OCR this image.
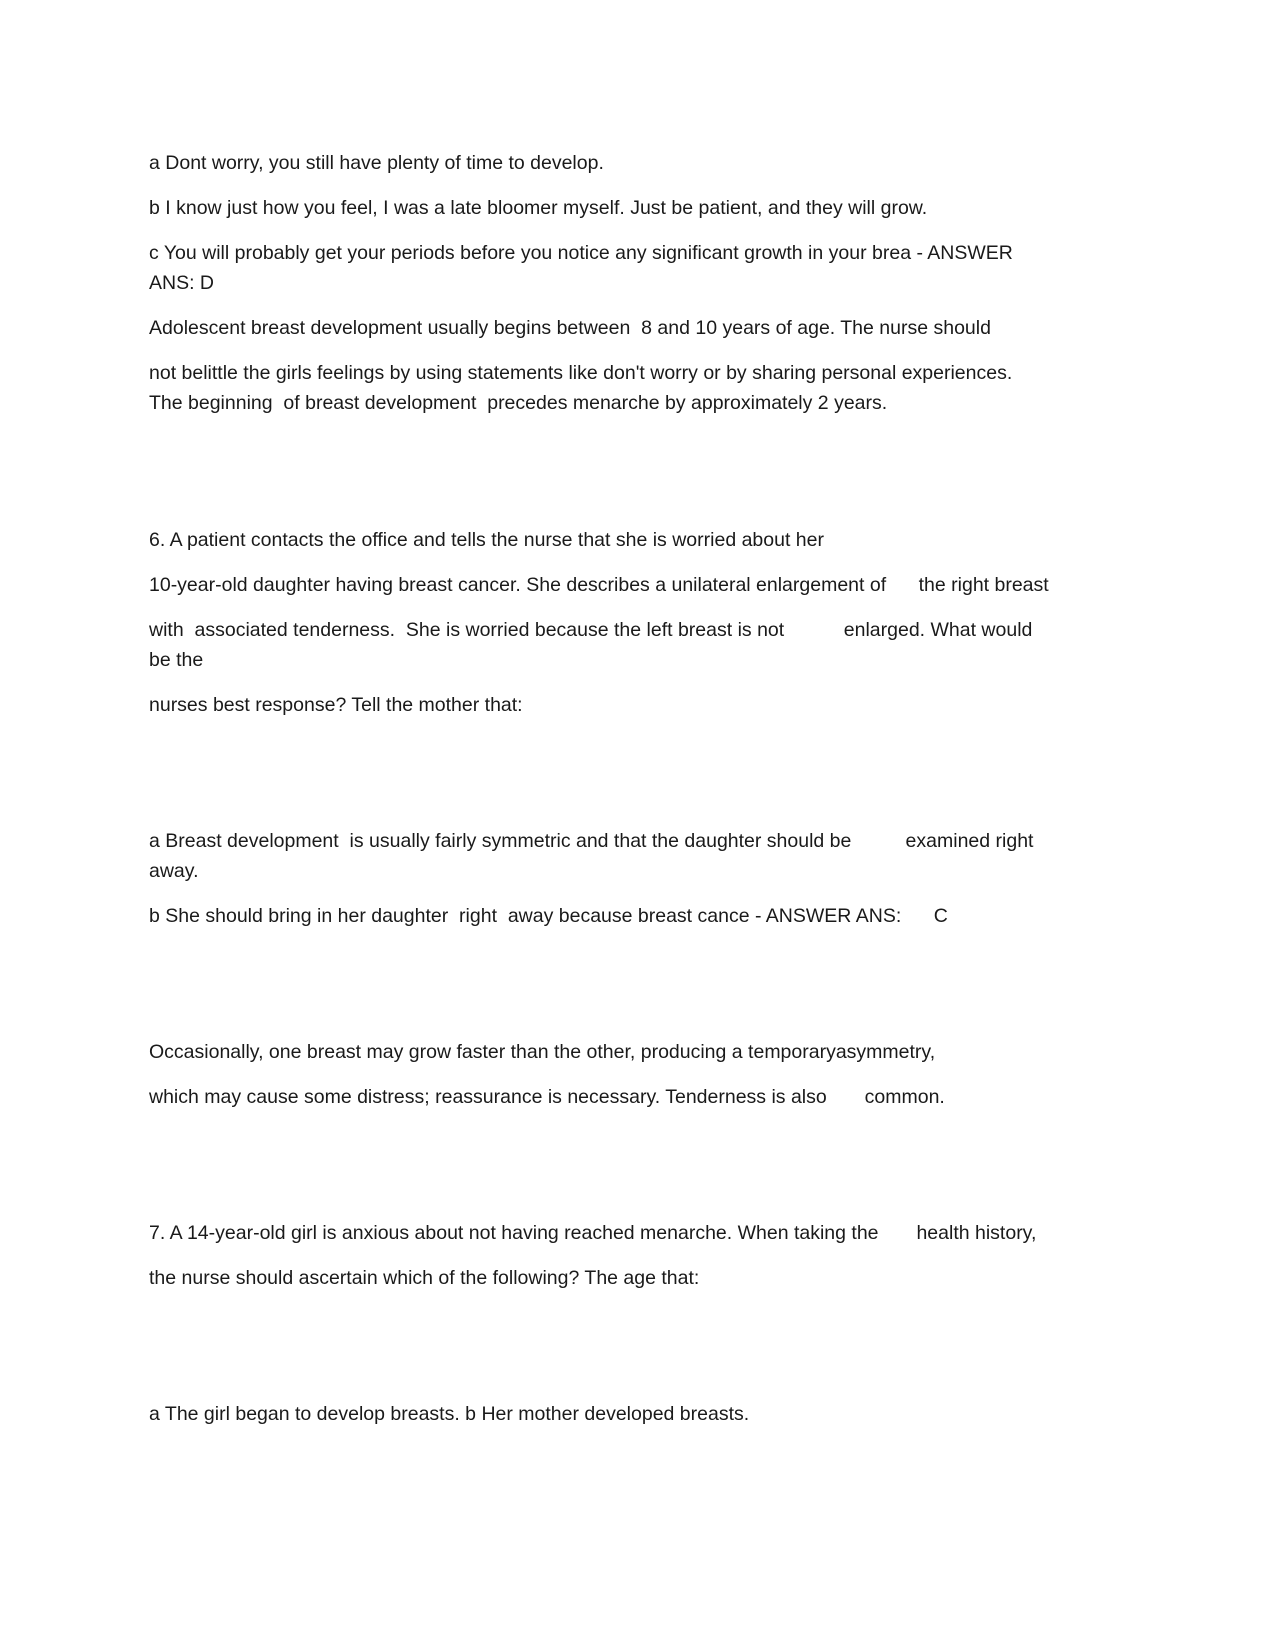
a Dont worry, you still have plenty of time to develop.
b I know just how you feel, I was a late bloomer myself. Just be patient, and they will grow.
c You will probably get your periods before you notice any significant growth in your brea - ANSWER
ANS: D
Adolescent breast development usually begins between  8 and 10 years of age. The nurse should
not belittle the girls feelings by using statements like don't worry or by sharing personal experiences.
The beginning  of breast development  precedes menarche by approximately 2 years.
6. A patient contacts the office and tells the nurse that she is worried about her
10-year-old daughter having breast cancer. She describes a unilateral enlargement of      the right breast
with  associated tenderness.  She is worried because the left breast is not           enlarged. What would
be the
nurses best response? Tell the mother that:
a Breast development  is usually fairly symmetric and that the daughter should be          examined right
away.
b She should bring in her daughter  right  away because breast cance - ANSWER ANS:      C
Occasionally, one breast may grow faster than the other, producing a temporaryasymmetry,
which may cause some distress; reassurance is necessary. Tenderness is also       common.
7. A 14-year-old girl is anxious about not having reached menarche. When taking the       health history,
the nurse should ascertain which of the following? The age that:
a The girl began to develop breasts. b Her mother developed breasts.
